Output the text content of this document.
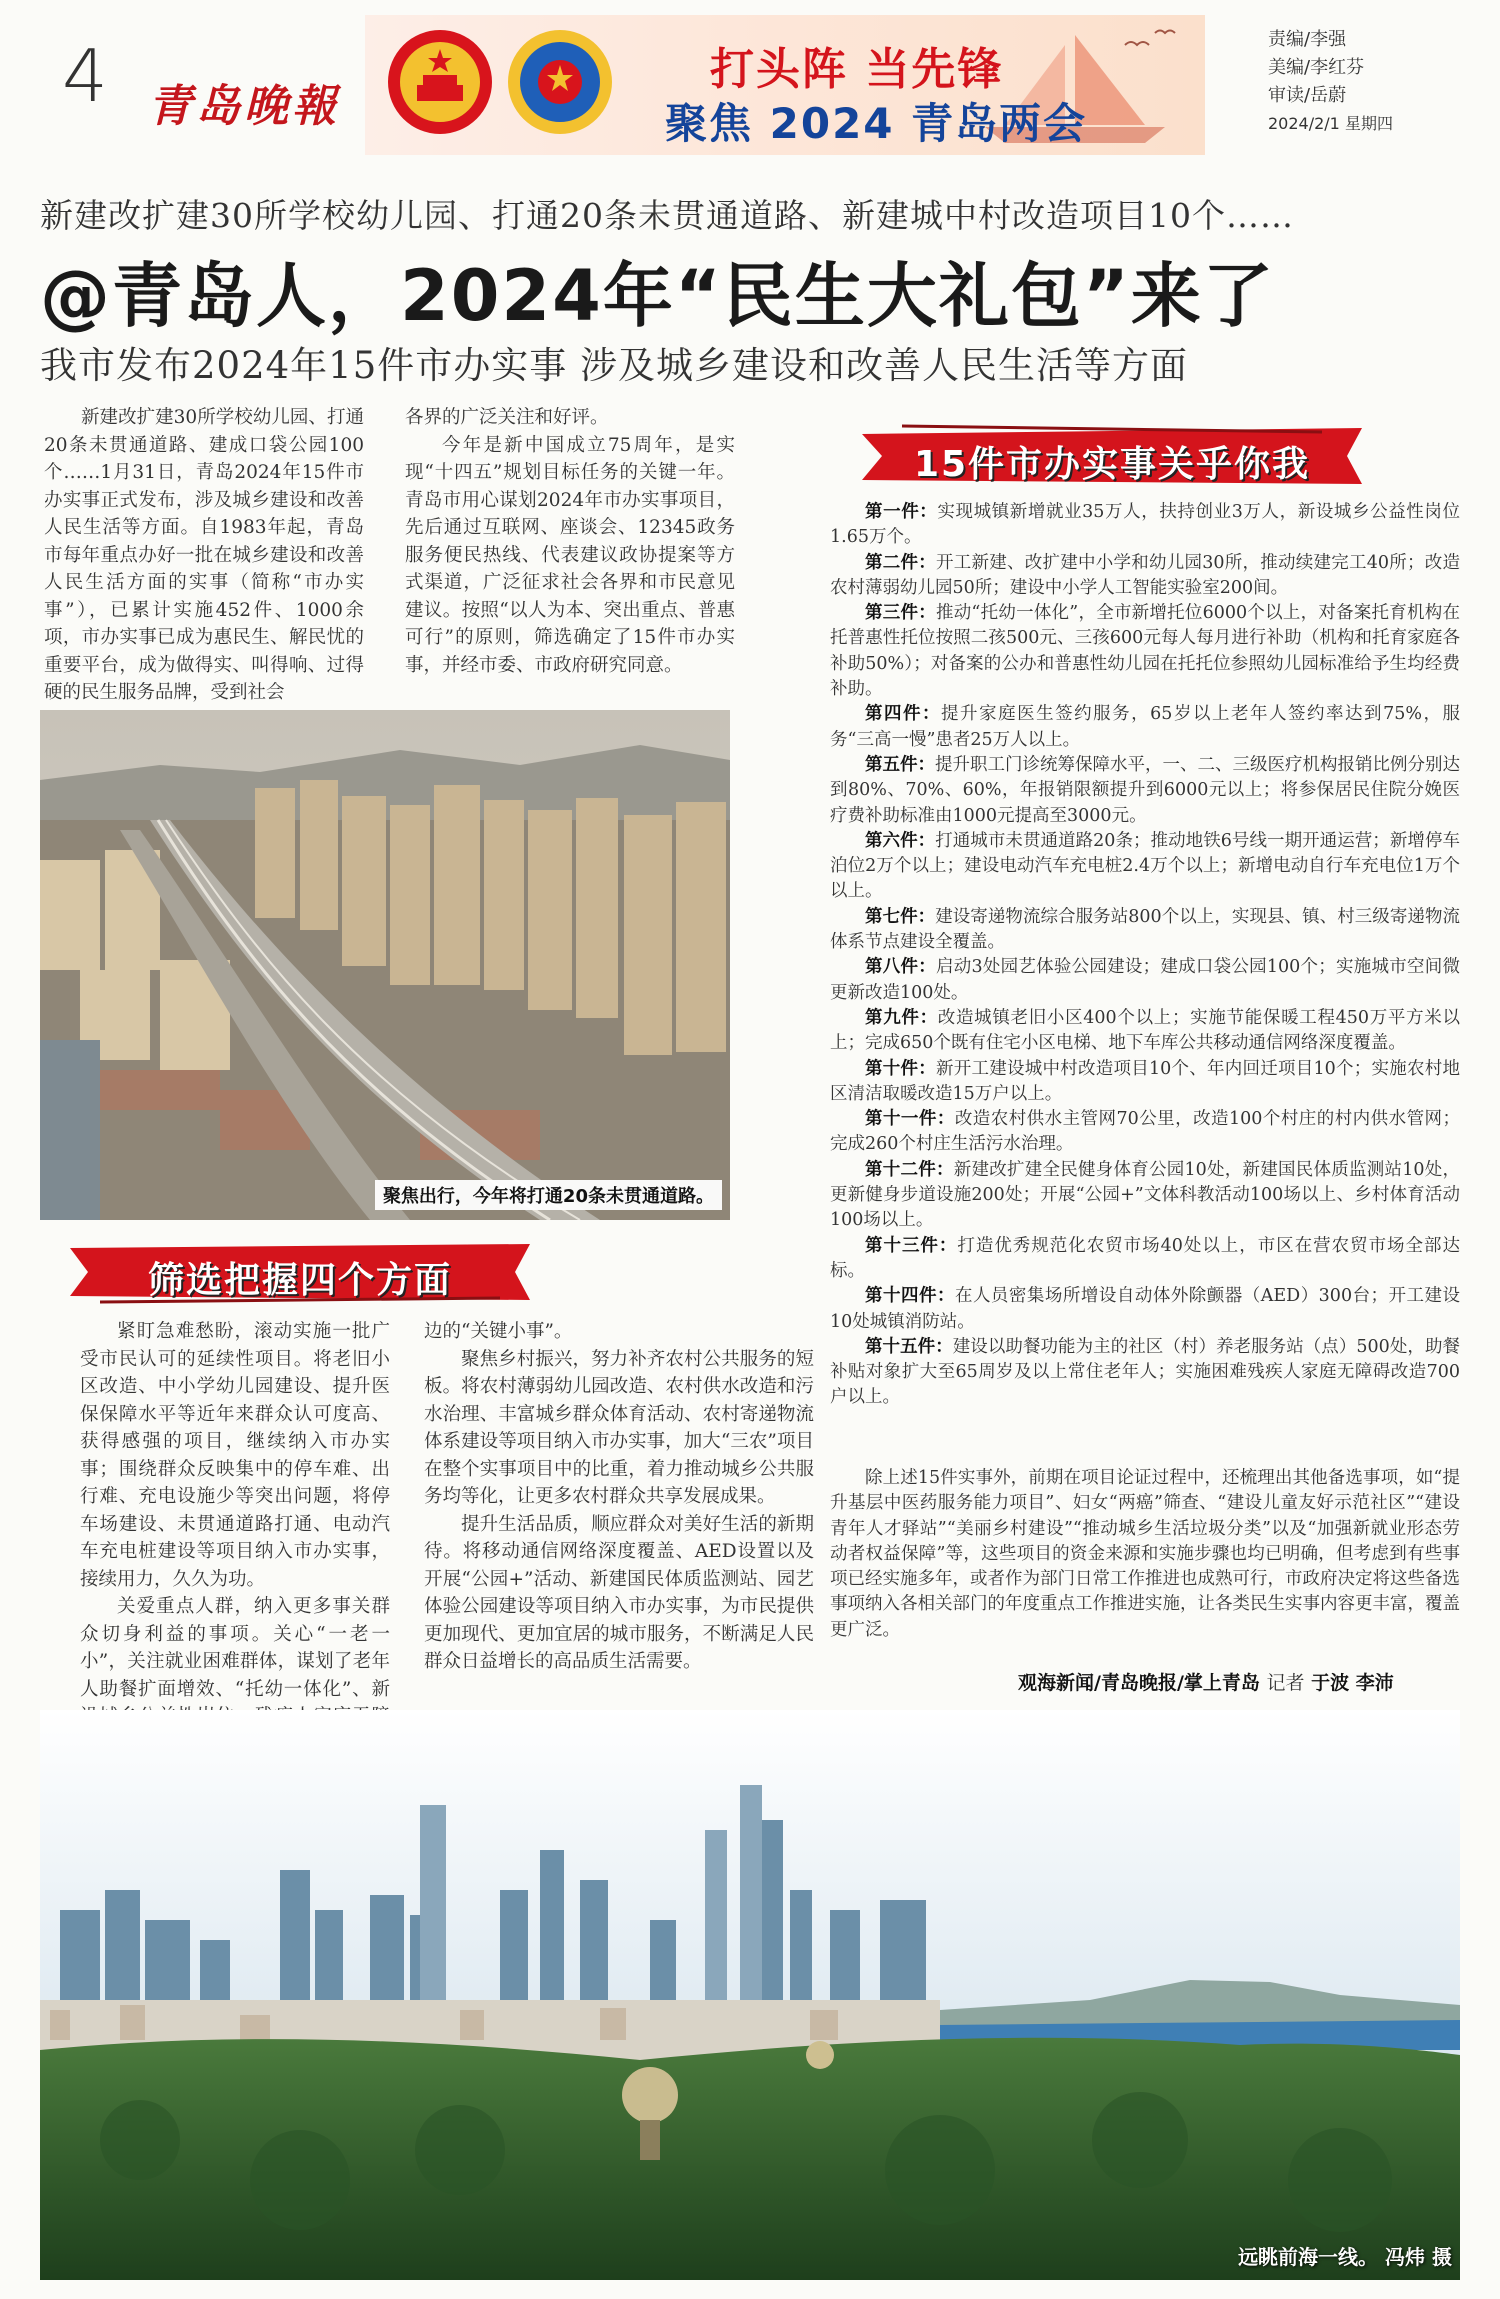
4 青岛晚報
打头阵 当先锋
聚焦 2024 青岛两会
责编/李强
美编/李红芬
审读/岳蔚
2024/2/1 星期四
新建改扩建30所学校幼儿园、打通20条未贯通道路、新建城中村改造项目10个……
@青岛人，2024年“民生大礼包”来了
我市发布2024年15件市办实事 涉及城乡建设和改善人民生活等方面

新建改扩建30所学校幼儿园、打通20条未贯通道路、建成口袋公园100个……1月31日，青岛2024年15件市办实事正式发布，涉及城乡建设和改善人民生活等方面。自1983年起，青岛市每年重点办好一批在城乡建设和改善人民生活方面的实事（简称“市办实事”），已累计实施452件、1000余项，市办实事已成为惠民生、解民忧的重要平台，成为做得实、叫得响、过得硬的民生服务品牌，受到社会

各界的广泛关注和好评。

今年是新中国成立75周年，是实现“十四五”规划目标任务的关键一年。青岛市用心谋划2024年市办实事项目，先后通过互联网、座谈会、12345政务服务便民热线、代表建议政协提案等方式渠道，广泛征求社会各界和市民意见建议。按照“以人为本、突出重点、普惠可行”的原则，筛选确定了15件市办实事，并经市委、市政府研究同意。

聚焦出行，今年将打通20条未贯通道路。
15件市办实事关乎你我

第一件：实现城镇新增就业35万人，扶持创业3万人，新设城乡公益性岗位1.65万个。

第二件：开工新建、改扩建中小学和幼儿园30所，推动续建完工40所；改造农村薄弱幼儿园50所；建设中小学人工智能实验室200间。

第三件：推动“托幼一体化”，全市新增托位6000个以上，对备案托育机构在托普惠性托位按照二孩500元、三孩600元每人每月进行补助（机构和托育家庭各补助50%）；对备案的公办和普惠性幼儿园在托托位参照幼儿园标准给予生均经费补助。

第四件：提升家庭医生签约服务，65岁以上老年人签约率达到75%，服务“三高一慢”患者25万人以上。

第五件：提升职工门诊统筹保障水平，一、二、三级医疗机构报销比例分别达到80%、70%、60%，年报销限额提升到6000元以上；将参保居民住院分娩医疗费补助标准由1000元提高至3000元。

第六件：打通城市未贯通道路20条；推动地铁6号线一期开通运营；新增停车泊位2万个以上；建设电动汽车充电桩2.4万个以上；新增电动自行车充电位1万个以上。

第七件：建设寄递物流综合服务站800个以上，实现县、镇、村三级寄递物流体系节点建设全覆盖。

第八件：启动3处园艺体验公园建设；建成口袋公园100个；实施城市空间微更新改造100处。

第九件：改造城镇老旧小区400个以上；实施节能保暖工程450万平方米以上；完成650个既有住宅小区电梯、地下车库公共移动通信网络深度覆盖。

第十件：新开工建设城中村改造项目10个、年内回迁项目10个；实施农村地区清洁取暖改造15万户以上。

第十一件：改造农村供水主管网70公里，改造100个村庄的村内供水管网；完成260个村庄生活污水治理。

第十二件：新建改扩建全民健身体育公园10处，新建国民体质监测站10处，更新健身步道设施200处；开展“公园+”文体科教活动100场以上、乡村体育活动100场以上。

第十三件：打造优秀规范化农贸市场40处以上，市区在营农贸市场全部达标。

第十四件：在人员密集场所增设自动体外除颤器（AED）300台；开工建设10处城镇消防站。

第十五件：建设以助餐功能为主的社区（村）养老服务站（点）500处，助餐补贴对象扩大至65周岁及以上常住老年人；实施困难残疾人家庭无障碍改造700户以上。

除上述15件实事外，前期在项目论证过程中，还梳理出其他备选事项，如“提升基层中医药服务能力项目”、妇女“两癌”筛查、“建设儿童友好示范社区”“建设青年人才驿站”“美丽乡村建设”“推动城乡生活垃圾分类”以及“加强新就业形态劳动者权益保障”等，这些项目的资金来源和实施步骤也均已明确，但考虑到有些事项已经实施多年，或者作为部门日常工作推进也成熟可行，市政府决定将这些备选事项纳入各相关部门的年度重点工作推进实施，让各类民生实事内容更丰富，覆盖更广泛。

观海新闻/青岛晚报/掌上青岛 记者 于波 李沛
筛选把握四个方面

紧盯急难愁盼，滚动实施一批广受市民认可的延续性项目。将老旧小区改造、中小学幼儿园建设、提升医保保障水平等近年来群众认可度高、获得感强的项目，继续纳入市办实事；围绕群众反映集中的停车难、出行难、充电设施少等突出问题，将停车场建设、未贯通道路打通、电动汽车充电桩建设等项目纳入市办实事，接续用力，久久为功。

关爱重点人群，纳入更多事关群众切身利益的事项。关心“一老一小”，关注就业困难群体，谋划了老年人助餐扩面增效、“托幼一体化”、新

边的“关键小事”。

聚焦乡村振兴，努力补齐农村公共服务的短板。将农村薄弱幼儿园改造、农村供水改造和污水治理、丰富城乡群众体育活动、农村寄递物流体系建设等项目纳入市办实事，加大“三农”项目在整个实事项目中的比重，着力推动城乡公共服务均等化，让更多农村群众共享发展成果。

提升生活品质，顺应群众对美好生活的新期待。将移动通信网络深度覆盖、AED设置以及开展“公园+”活动、新建国民体质监测站、园艺体验公园建设等项目纳入市办实事，为市民提供更加现代、更加宜居的城市服务，不断满足人民群众日益增长的高品质生活需要。

远眺前海一线。 冯炜 摄
